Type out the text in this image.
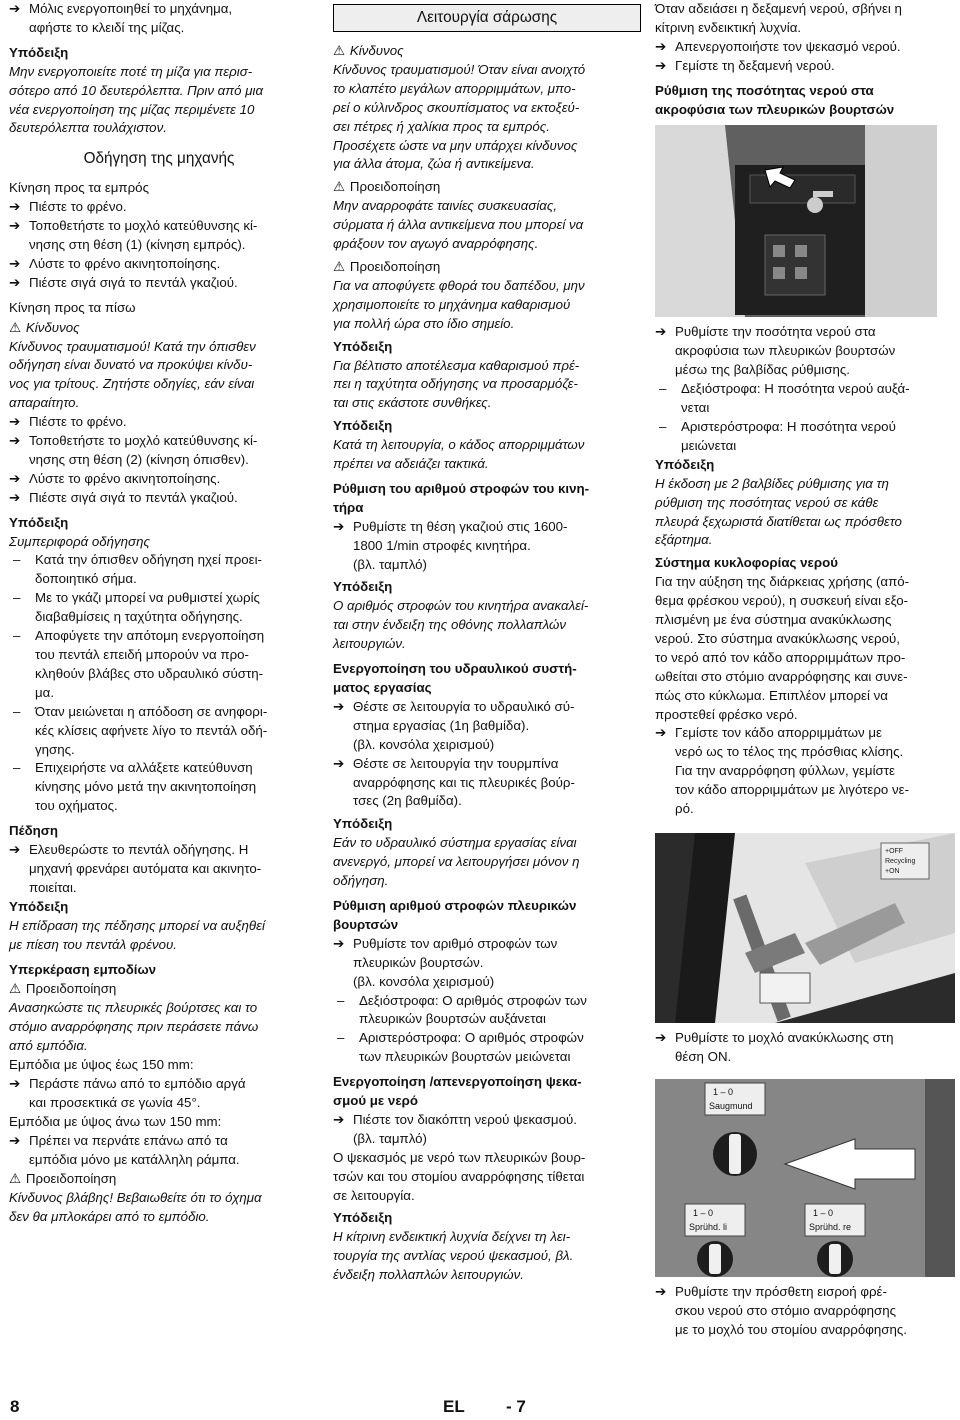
Μόλις ενεργοποιηθεί το μηχάνημα,

αφήστε το κλειδί της μίζας.

➔

Υπόδειξη

Μην ενεργοποιείτε ποτέ τη μίζα για περισ-

σότερο από 10 δευτερόλεπτα. Πριν από μια

νέα ενεργοποίηση της μίζας περιμένετε 10

δευτερόλεπτα τουλάχιστον.

Οδήγηση της μηχανής

Κίνηση προς τα εμπρός

➔ Πιέστε το φρένο.

➔ Τοποθετήστε το μοχλό κατεύθυνσης κί-

νησης στη θέση (1) (κίνηση εμπρός).

➔ Λύστε το φρένο ακινητοποίησης.

➔ Πιέστε σιγά σιγά το πεντάλ γκαζιού.

Κίνηση προς τα πίσω

⚠ Κίνδυνος

Κίνδυνος τραυματισμού! Κατά την όπισθεν

οδήγηση είναι δυνατό να προκύψει κίνδυ-

νος για τρίτους. Ζητήστε οδηγίες, εάν είναι

απαραίτητο.

➔ Πιέστε το φρένο.

➔ Τοποθετήστε το μοχλό κατεύθυνσης κί-

νησης στη θέση (2) (κίνηση όπισθεν).

➔ Λύστε το φρένο ακινητοποίησης.

➔ Πιέστε σιγά σιγά το πεντάλ γκαζιού.

Υπόδειξη

Συμπεριφορά οδήγησης

– Κατά την όπισθεν οδήγηση ηχεί προει-

δοποιητικό σήμα.

– Με το γκάζι μπορεί να ρυθμιστεί χωρίς

διαβαθμίσεις η ταχύτητα οδήγησης.

– Αποφύγετε την απότομη ενεργοποίηση

του πεντάλ επειδή μπορούν να προ-

κληθούν βλάβες στο υδραυλικό σύστη-

μα.

– Όταν μειώνεται η απόδοση σε ανηφορι-

κές κλίσεις αφήνετε λίγο το πεντάλ οδή-

γησης.

– Επιχειρήστε να αλλάξετε κατεύθυνση

κίνησης μόνο μετά την ακινητοποίηση

του οχήματος.

Πέδηση

➔ Ελευθερώστε το πεντάλ οδήγησης. Η

μηχανή φρενάρει αυτόματα και ακινητο-

ποιείται.

Υπόδειξη

Η επίδραση της πέδησης μπορεί να αυξηθεί

με πίεση του πεντάλ φρένου.

Υπερκέραση εμποδίων

⚠ Προειδοποίηση

Ανασηκώστε τις πλευρικές βούρτσες και το

στόμιο αναρρόφησης πριν περάσετε πάνω

από εμπόδια.

Εμπόδια με ύψος έως 150 mm:

➔ Περάστε πάνω από το εμπόδιο αργά

και προσεκτικά σε γωνία 45°.

Εμπόδια με ύψος άνω των 150 mm:

➔ Πρέπει να περνάτε επάνω από τα

εμπόδια μόνο με κατάλληλη ράμπα.

⚠ Προειδοποίηση

Κίνδυνος βλάβης! Βεβαιωθείτε ότι το όχημα

δεν θα μπλοκάρει από το εμπόδιο.

Λειτουργία σάρωσης

⚠ Κίνδυνος

Κίνδυνος τραυματισμού! Όταν είναι ανοιχτό

το κλαπέτο μεγάλων απορριμμάτων, μπο-

ρεί ο κύλινδρος σκουπίσματος να εκτοξεύ-

σει πέτρες ή χαλίκια προς τα εμπρός.

Προσέχετε ώστε να μην υπάρχει κίνδυνος

για άλλα άτομα, ζώα ή αντικείμενα.

⚠ Προειδοποίηση

Μην αναρροφάτε ταινίες συσκευασίας,

σύρματα ή άλλα αντικείμενα που μπορεί να

φράξουν τον αγωγό αναρρόφησης.

⚠ Προειδοποίηση

Για να αποφύγετε φθορά του δαπέδου, μην

χρησιμοποιείτε το μηχάνημα καθαρισμού

για πολλή ώρα στο ίδιο σημείο.

Υπόδειξη

Για βέλτιστο αποτέλεσμα καθαρισμού πρέ-

πει η ταχύτητα οδήγησης να προσαρμόζε-

ται στις εκάστοτε συνθήκες.

Υπόδειξη

Κατά τη λειτουργία, ο κάδος απορριμμάτων

πρέπει να αδειάζει τακτικά.

Ρύθμιση του αριθμού στροφών του κινη-

τήρα

➔ Ρυθμίστε τη θέση γκαζιού στις 1600-

1800 1/min στροφές κινητήρα.

(βλ. ταμπλό)

Υπόδειξη

Ο αριθμός στροφών του κινητήρα ανακαλεί-

ται στην ένδειξη της οθόνης πολλαπλών

λειτουργιών.

Ενεργοποίηση του υδραυλικού συστή-

ματος εργασίας

➔ Θέστε σε λειτουργία το υδραυλικό σύ-

στημα εργασίας (1η βαθμίδα).

(βλ. κονσόλα χειρισμού)

➔ Θέστε σε λειτουργία την τουρμπίνα

αναρρόφησης και τις πλευρικές βούρ-

τσες (2η βαθμίδα).

Υπόδειξη

Εάν το υδραυλικό σύστημα εργασίας είναι

ανενεργό, μπορεί να λειτουργήσει μόνον η

οδήγηση.

Ρύθμιση αριθμού στροφών πλευρικών

βουρτσών

➔ Ρυθμίστε τον αριθμό στροφών των

πλευρικών βουρτσών.

(βλ. κονσόλα χειρισμού)

– Δεξιόστροφα: Ο αριθμός στροφών των

πλευρικών βουρτσών αυξάνεται

– Αριστερόστροφα: Ο αριθμός στροφών

των πλευρικών βουρτσών μειώνεται

Ενεργοποίηση /απενεργοποίηση ψεκα-

σμού με νερό

➔ Πιέστε τον διακόπτη νερού ψεκασμού.

(βλ. ταμπλό)

Ο ψεκασμός με νερό των πλευρικών βουρ-

τσών και του στομίου αναρρόφησης τίθεται

σε λειτουργία.

Υπόδειξη

Η κίτρινη ενδεικτική λυχνία δείχνει τη λει-

τουργία της αντλίας νερού ψεκασμού, βλ.

ένδειξη πολλαπλών λειτουργιών.

Όταν αδειάσει η δεξαμενή νερού, σβήνει η

κίτρινη ενδεικτική λυχνία.

➔ Απενεργοποιήστε τον ψεκασμό νερού.

➔ Γεμίστε τη δεξαμενή νερού.

Ρύθμιση της ποσότητας νερού στα

ακροφύσια των πλευρικών βουρτσών

➔ Ρυθμίστε την ποσότητα νερού στα

ακροφύσια των πλευρικών βουρτσών

μέσω της βαλβίδας ρύθμισης.

– Δεξιόστροφα: Η ποσότητα νερού αυξά-

νεται

– Αριστερόστροφα: Η ποσότητα νερού

μειώνεται

Υπόδειξη

Η έκδοση με 2 βαλβίδες ρύθμισης για τη

ρύθμιση της ποσότητας νερού σε κάθε

πλευρά ξεχωριστά διατίθεται ως πρόσθετο

εξάρτημα.

Σύστημα κυκλοφορίας νερού

Για την αύξηση της διάρκειας χρήσης (από-

θεμα φρέσκου νερού), η συσκευή είναι εξο-

πλισμένη με ένα σύστημα ανακύκλωσης

νερού. Στο σύστημα ανακύκλωσης νερού,

το νερό από τον κάδο απορριμμάτων προ-

ωθείται στο στόμιο αναρρόφησης και συνε-

πώς στο κύκλωμα. Επιπλέον μπορεί να

προστεθεί φρέσκο νερό.

➔ Γεμίστε τον κάδο απορριμμάτων με

νερό ως το τέλος της πρόσθιας κλίσης.

Για την αναρρόφηση φύλλων, γεμίστε

τον κάδο απορριμμάτων με λιγότερο νε-

ρό.

+OFF
Recycling
+ON

➔ Ρυθμίστε το μοχλό ανακύκλωσης στη

θέση ON.

1 – 0
Saugmund
1 – 0
Sprühd. li
1 – 0
Sprühd. re

➔ Ρυθμίστε την πρόσθετη εισροή φρέ-

σκου νερού στο στόμιο αναρρόφησης

με το μοχλό του στομίου αναρρόφησης.

8	EL - 7
